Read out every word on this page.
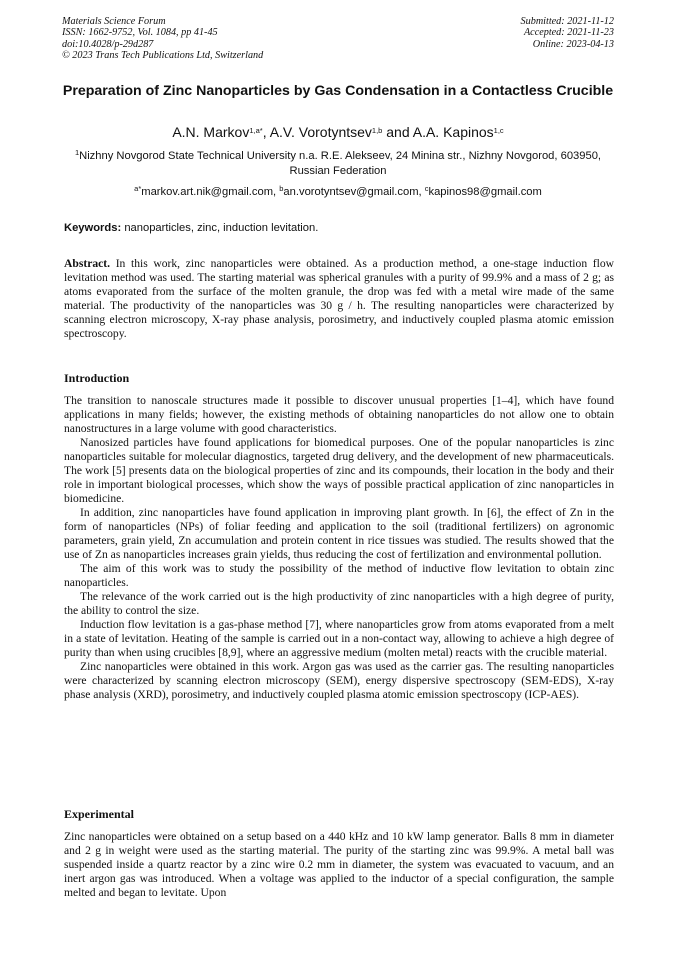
Materials Science Forum
ISSN: 1662-9752, Vol. 1084, pp 41-45
doi:10.4028/p-29d287
© 2023 Trans Tech Publications Ltd, Switzerland
Submitted: 2021-11-12
Accepted: 2021-11-23
Online: 2023-04-13
Preparation of Zinc Nanoparticles by Gas Condensation in a Contactless Crucible
A.N. Markov$^{1,a*}$, A.V. Vorotyntsev$^{1,b}$ and A.A. Kapinos$^{1,c}$
$^1$Nizhny Novgorod State Technical University n.a. R.E. Alekseev, 24 Minina str., Nizhny Novgorod, 603950, Russian Federation
$^{a*}$markov.art.nik@gmail.com, $^b$an.vorotyntsev@gmail.com, $^c$kapinos98@gmail.com
Keywords: nanoparticles, zinc, induction levitation.

Abstract. In this work, zinc nanoparticles were obtained. As a production method, a one-stage induction flow levitation method was used. The starting material was spherical granules with a purity of 99.9% and a mass of 2 g; as atoms evaporated from the surface of the molten granule, the drop was fed with a metal wire made of the same material. The productivity of the nanoparticles was 30 g / h. The resulting nanoparticles were characterized by scanning electron microscopy, X-ray phase analysis, porosimetry, and inductively coupled plasma atomic emission spectroscopy.

Introduction

The transition to nanoscale structures made it possible to discover unusual properties [1–4], which have found applications in many fields; however, the existing methods of obtaining nanoparticles do not allow one to obtain nanostructures in a large volume with good characteristics.

Nanosized particles have found applications for biomedical purposes. One of the popular nanoparticles is zinc nanoparticles suitable for molecular diagnostics, targeted drug delivery, and the development of new pharmaceuticals. The work [5] presents data on the biological properties of zinc and its compounds, their location in the body and their role in important biological processes, which show the ways of possible practical application of zinc nanoparticles in biomedicine.

In addition, zinc nanoparticles have found application in improving plant growth. In [6], the effect of Zn in the form of nanoparticles (NPs) of foliar feeding and application to the soil (traditional fertilizers) on agronomic parameters, grain yield, Zn accumulation and protein content in rice tissues was studied. The results showed that the use of Zn as nanoparticles increases grain yields, thus reducing the cost of fertilization and environmental pollution.

The aim of this work was to study the possibility of the method of inductive flow levitation to obtain zinc nanoparticles.

The relevance of the work carried out is the high productivity of zinc nanoparticles with a high degree of purity, the ability to control the size.

Induction flow levitation is a gas-phase method [7], where nanoparticles grow from atoms evaporated from a melt in a state of levitation. Heating of the sample is carried out in a non-contact way, allowing to achieve a high degree of purity than when using crucibles [8,9], where an aggressive medium (molten metal) reacts with the crucible material.

Zinc nanoparticles were obtained in this work. Argon gas was used as the carrier gas. The resulting nanoparticles were characterized by scanning electron microscopy (SEM), energy dispersive spectroscopy (SEM-EDS), X-ray phase analysis (XRD), porosimetry, and inductively coupled plasma atomic emission spectroscopy (ICP-AES).

Experimental

Zinc nanoparticles were obtained on a setup based on a 440 kHz and 10 kW lamp generator. Balls 8 mm in diameter and 2 g in weight were used as the starting material. The purity of the starting zinc was 99.9%. A metal ball was suspended inside a quartz reactor by a zinc wire 0.2 mm in diameter, the system was evacuated to vacuum, and an inert argon gas was introduced. When a voltage was applied to the inductor of a special configuration, the sample melted and began to levitate. Upon
